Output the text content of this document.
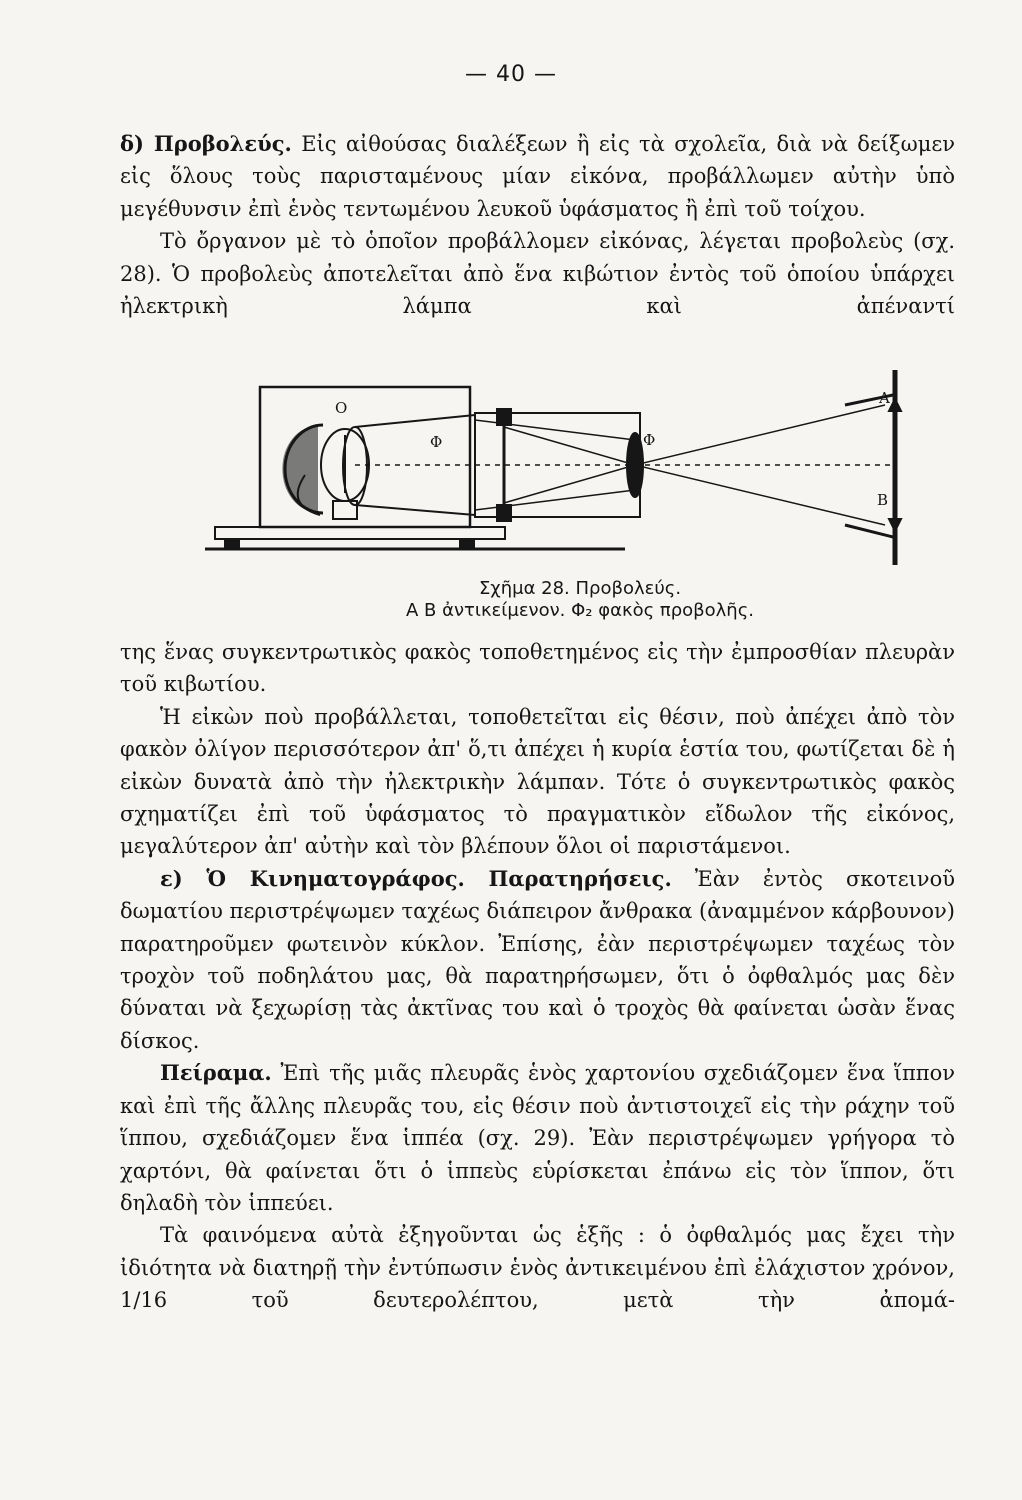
— 40 —

δ) Προβολεύς. Εἰς αἰθούσας διαλέξεων ἢ εἰς τὰ σχολεῖα, διὰ νὰ δείξωμεν εἰς ὅλους τοὺς παρισταμένους μίαν εἰκόνα, προβάλλωμεν αὐτὴν ὑπὸ μεγέθυνσιν ἐπὶ ἑνὸς τεντωμένου λευκοῦ ὑφάσματος ἢ ἐπὶ τοῦ τοίχου.

Τὸ ὄργανον μὲ τὸ ὁποῖον προβάλλομεν εἰκόνας, λέγεται προβολεὺς (σχ. 28). Ὁ προβολεὺς ἀποτελεῖται ἀπὸ ἕνα κιβώτιον ἐντὸς τοῦ ὁποίου ὑπάρχει ἠλεκτρικὴ λάμπα καὶ ἀπέναντί

Ο
Φ	Φ
Α
Β
Σχῆμα 28. Προβολεύς.
Α Β ἀντικείμενον. Φ₂ φακὸς προβολῆς.

της ἕνας συγκεντρωτικὸς φακὸς τοποθετημένος εἰς τὴν ἐμπροσθίαν πλευρὰν τοῦ κιβωτίου.

Ἡ εἰκὼν ποὺ προβάλλεται, τοποθετεῖται εἰς θέσιν, ποὺ ἀπέχει ἀπὸ τὸν φακὸν ὀλίγον περισσότερον ἀπ' ὅ,τι ἀπέχει ἡ κυρία ἑστία του, φωτίζεται δὲ ἡ εἰκὼν δυνατὰ ἀπὸ τὴν ἠλεκτρικὴν λάμπαν. Τότε ὁ συγκεντρωτικὸς φακὸς σχηματίζει ἐπὶ τοῦ ὑφάσματος τὸ πραγματικὸν εἴδωλον τῆς εἰκόνος, μεγαλύτερον ἀπ' αὐτὴν καὶ τὸν βλέπουν ὅλοι οἱ παριστάμενοι.

ε) Ὁ Κινηματογράφος. Παρατηρήσεις. Ἐὰν ἐντὸς σκοτεινοῦ δωματίου περιστρέψωμεν ταχέως διάπειρον ἄνθρακα (ἀναμμένον κάρβουνον) παρατηροῦμεν φωτεινὸν κύκλον. Ἐπίσης, ἐὰν περιστρέψωμεν ταχέως τὸν τροχὸν τοῦ ποδηλάτου μας, θὰ παρατηρήσωμεν, ὅτι ὁ ὀφθαλμός μας δὲν δύναται νὰ ξεχωρίσῃ τὰς ἀκτῖνας του καὶ ὁ τροχὸς θὰ φαίνεται ὡσὰν ἕνας δίσκος.

Πείραμα. Ἐπὶ τῆς μιᾶς πλευρᾶς ἑνὸς χαρτονίου σχεδιάζομεν ἕνα ἵππον καὶ ἐπὶ τῆς ἄλλης πλευρᾶς του, εἰς θέσιν ποὺ ἀντιστοιχεῖ εἰς τὴν ράχην τοῦ ἵππου, σχεδιάζομεν ἕνα ἱππέα (σχ. 29). Ἐὰν περιστρέψωμεν γρήγορα τὸ χαρτόνι, θὰ φαίνεται ὅτι ὁ ἱππεὺς εὑρίσκεται ἐπάνω εἰς τὸν ἵππον, ὅτι δηλαδὴ τὸν ἱππεύει.

Τὰ φαινόμενα αὐτὰ ἐξηγοῦνται ὡς ἑξῆς : ὁ ὀφθαλμός μας ἔχει τὴν ἰδιότητα νὰ διατηρῇ τὴν ἐντύπωσιν ἑνὸς ἀντικειμένου ἐπὶ ἐλάχιστον χρόνον, 1/16 τοῦ δευτερολέπτου, μετὰ τὴν ἀπομά-
